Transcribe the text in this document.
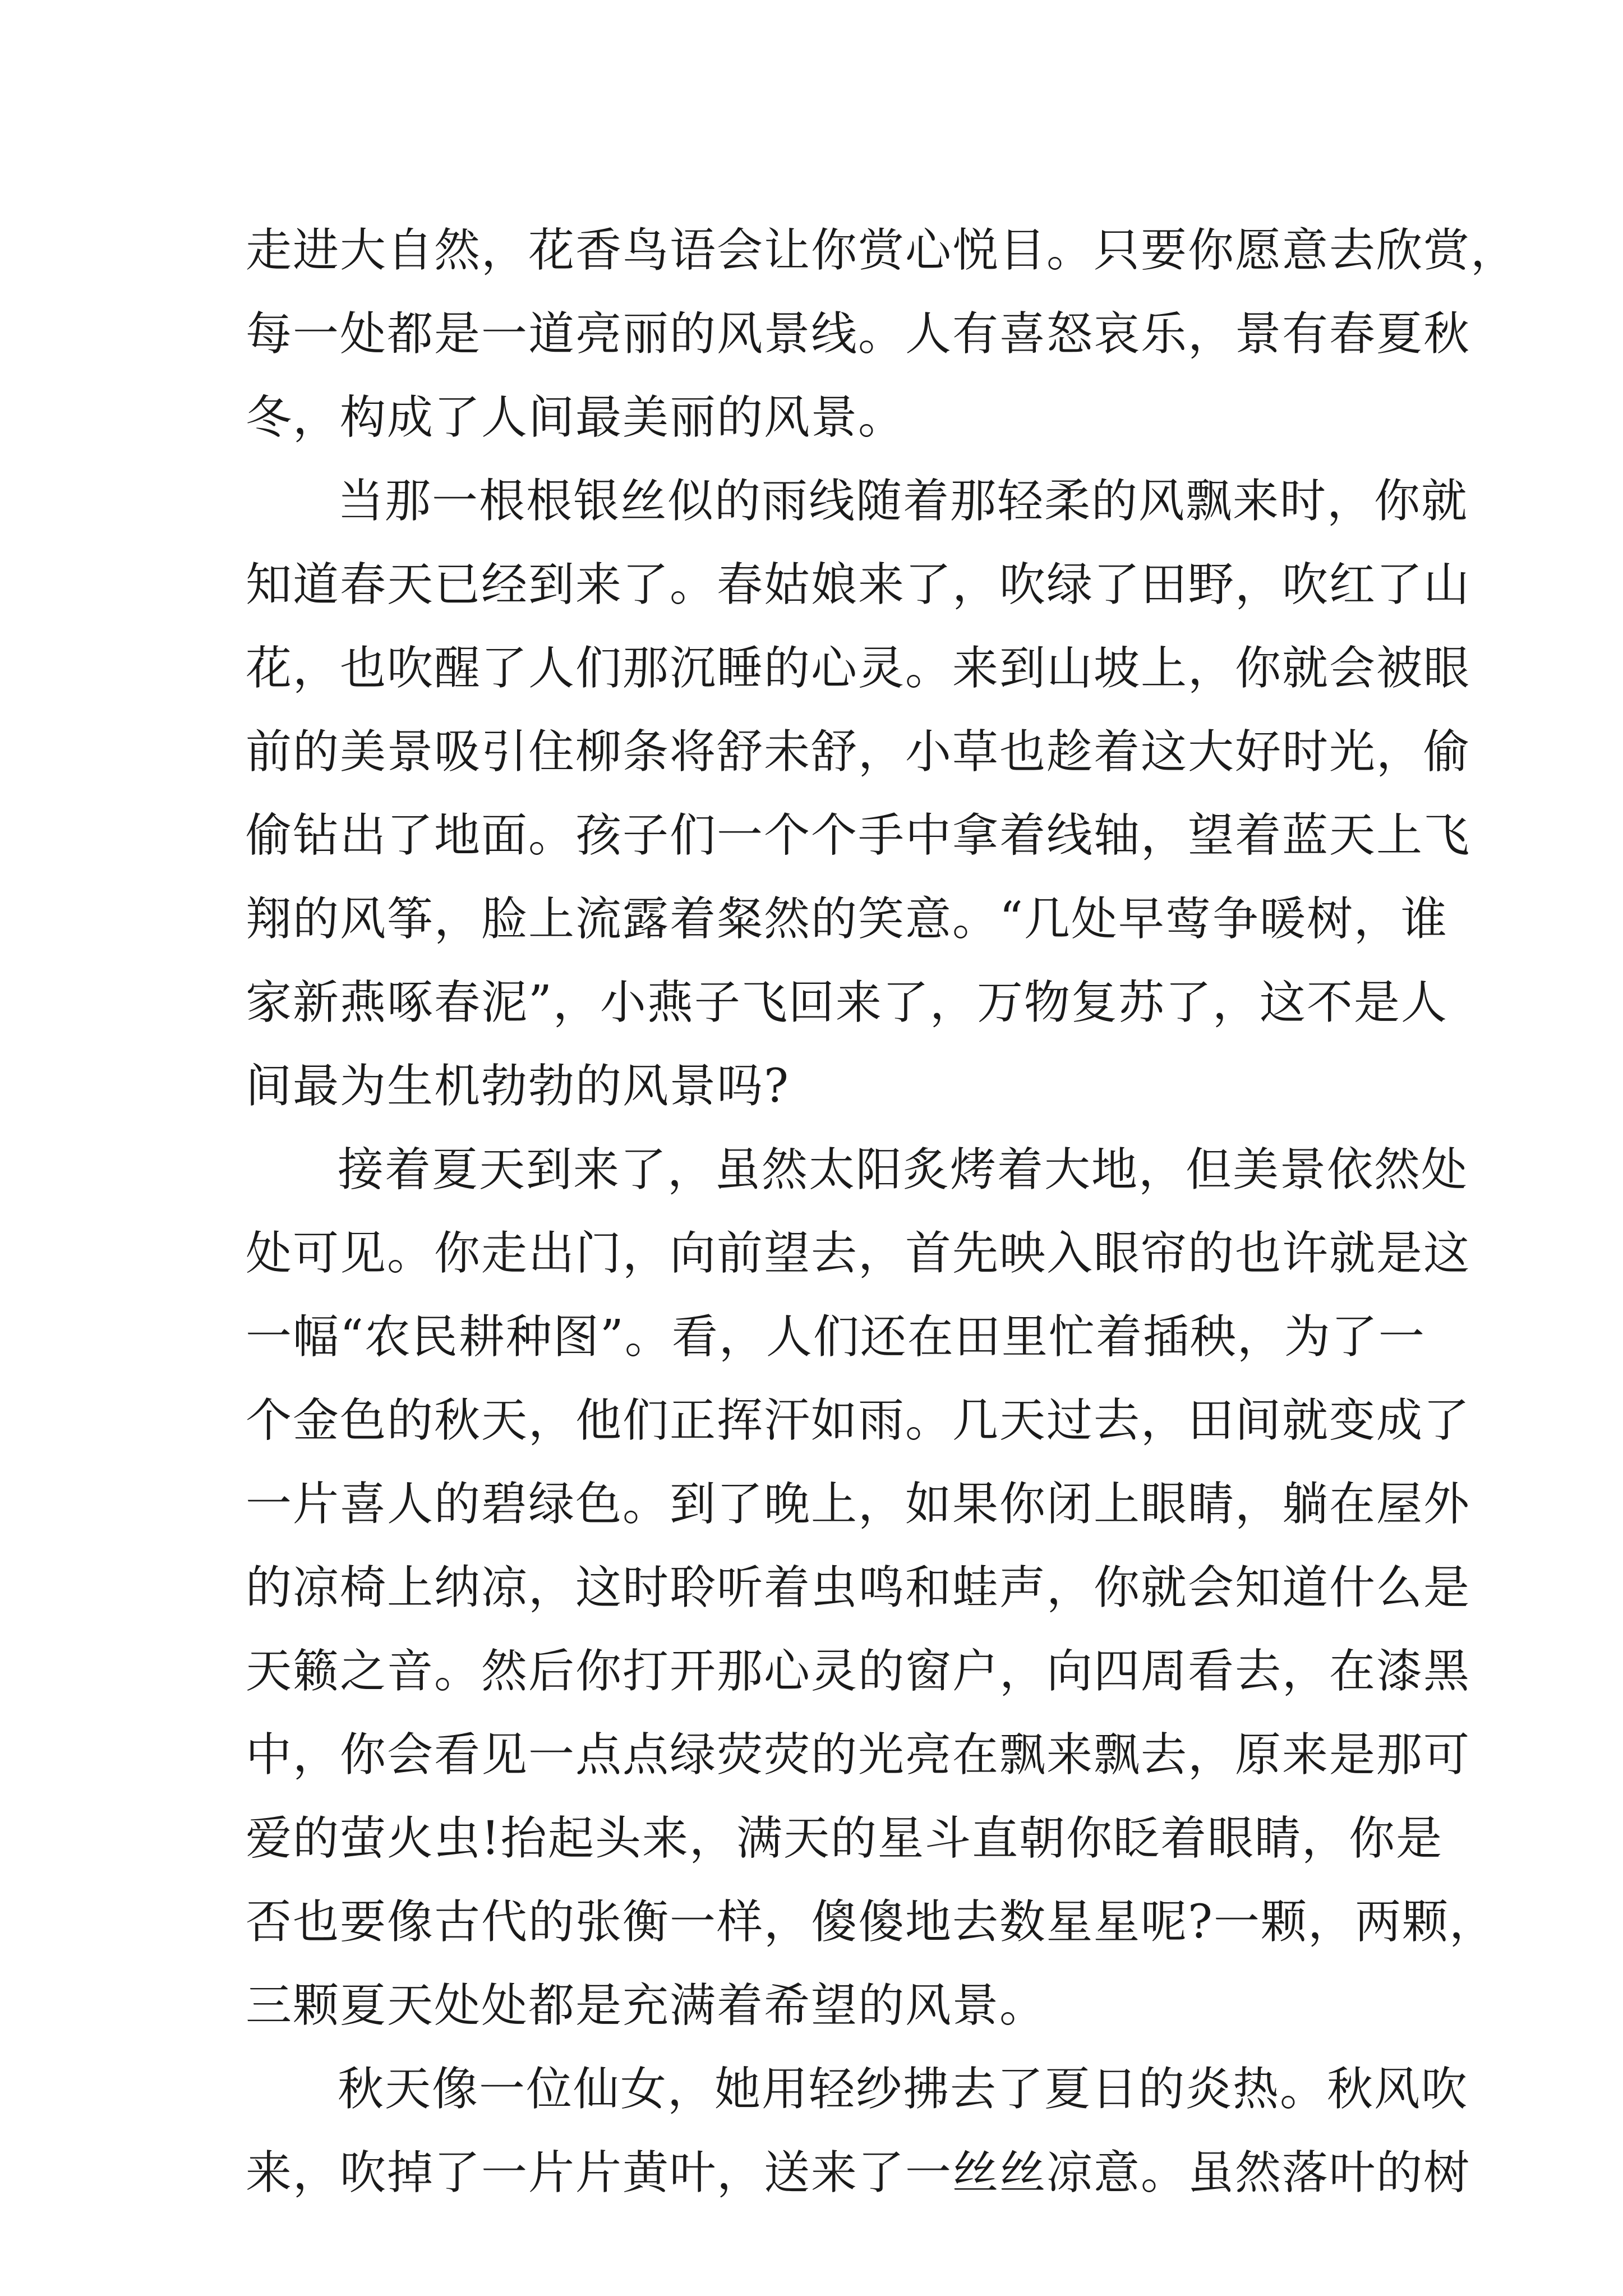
走进大自然，花香鸟语会让你赏心悦目。只要你愿意去欣赏，
每一处都是一道亮丽的风景线。人有喜怒哀乐，景有春夏秋
冬，构成了人间最美丽的风景。
当那一根根银丝似的雨线随着那轻柔的风飘来时，你就
知道春天已经到来了。春姑娘来了，吹绿了田野，吹红了山
花，也吹醒了人们那沉睡的心灵。来到山坡上，你就会被眼
前的美景吸引住柳条将舒未舒，小草也趁着这大好时光，偷
偷钻出了地面。孩子们一个个手中拿着线轴，望着蓝天上飞
翔的风筝，脸上流露着粲然的笑意。“几处早莺争暖树，谁
家新燕啄春泥”，小燕子飞回来了，万物复苏了，这不是人
间最为生机勃勃的风景吗?
接着夏天到来了，虽然太阳炙烤着大地，但美景依然处
处可见。你走出门，向前望去，首先映入眼帘的也许就是这
一幅“农民耕种图”。看，人们还在田里忙着插秧，为了一
个金色的秋天，他们正挥汗如雨。几天过去，田间就变成了
一片喜人的碧绿色。到了晚上，如果你闭上眼睛，躺在屋外
的凉椅上纳凉，这时聆听着虫鸣和蛙声，你就会知道什么是
天籁之音。然后你打开那心灵的窗户，向四周看去，在漆黑
中，你会看见一点点绿荧荧的光亮在飘来飘去，原来是那可
爱的萤火虫!抬起头来，满天的星斗直朝你眨着眼睛，你是
否也要像古代的张衡一样，傻傻地去数星星呢?一颗，两颗，
三颗夏天处处都是充满着希望的风景。
秋天像一位仙女，她用轻纱拂去了夏日的炎热。秋风吹
来，吹掉了一片片黄叶，送来了一丝丝凉意。虽然落叶的树
